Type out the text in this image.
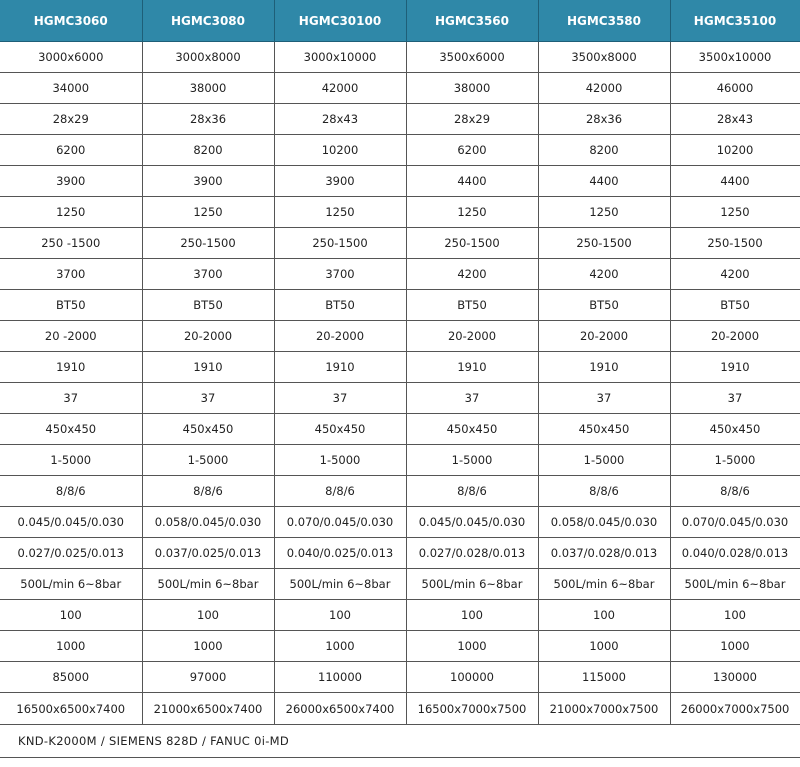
HGMC3060	HGMC3080	HGMC30100	HGMC3560	HGMC3580	HGMC35100
3000x6000	3000x8000	3000x10000	3500x6000	3500x8000	3500x10000
34000	38000	42000	38000	42000	46000
28x29	28x36	28x43	28x29	28x36	28x43
6200	8200	10200	6200	8200	10200
3900	3900	3900	4400	4400	4400
1250	1250	1250	1250	1250	1250
250 -1500	250-1500	250-1500	250-1500	250-1500	250-1500
3700	3700	3700	4200	4200	4200
BT50	BT50	BT50	BT50	BT50	BT50
20 -2000	20-2000	20-2000	20-2000	20-2000	20-2000
1910	1910	1910	1910	1910	1910
37	37	37	37	37	37
450x450	450x450	450x450	450x450	450x450	450x450
1-5000	1-5000	1-5000	1-5000	1-5000	1-5000
8/8/6	8/8/6	8/8/6	8/8/6	8/8/6	8/8/6
0.045/0.045/0.030	0.058/0.045/0.030	0.070/0.045/0.030	0.045/0.045/0.030	0.058/0.045/0.030	0.070/0.045/0.030
0.027/0.025/0.013	0.037/0.025/0.013	0.040/0.025/0.013	0.027/0.028/0.013	0.037/0.028/0.013	0.040/0.028/0.013
500L/min 6~8bar	500L/min 6~8bar	500L/min 6~8bar	500L/min 6~8bar	500L/min 6~8bar	500L/min 6~8bar
100	100	100	100	100	100
1000	1000	1000	1000	1000	1000
85000	97000	110000	100000	115000	130000
16500x6500x7400	21000x6500x7400	26000x6500x7400	16500x7000x7500	21000x7000x7500	26000x7000x7500
KND-K2000M / SIEMENS 828D / FANUC 0i-MD
